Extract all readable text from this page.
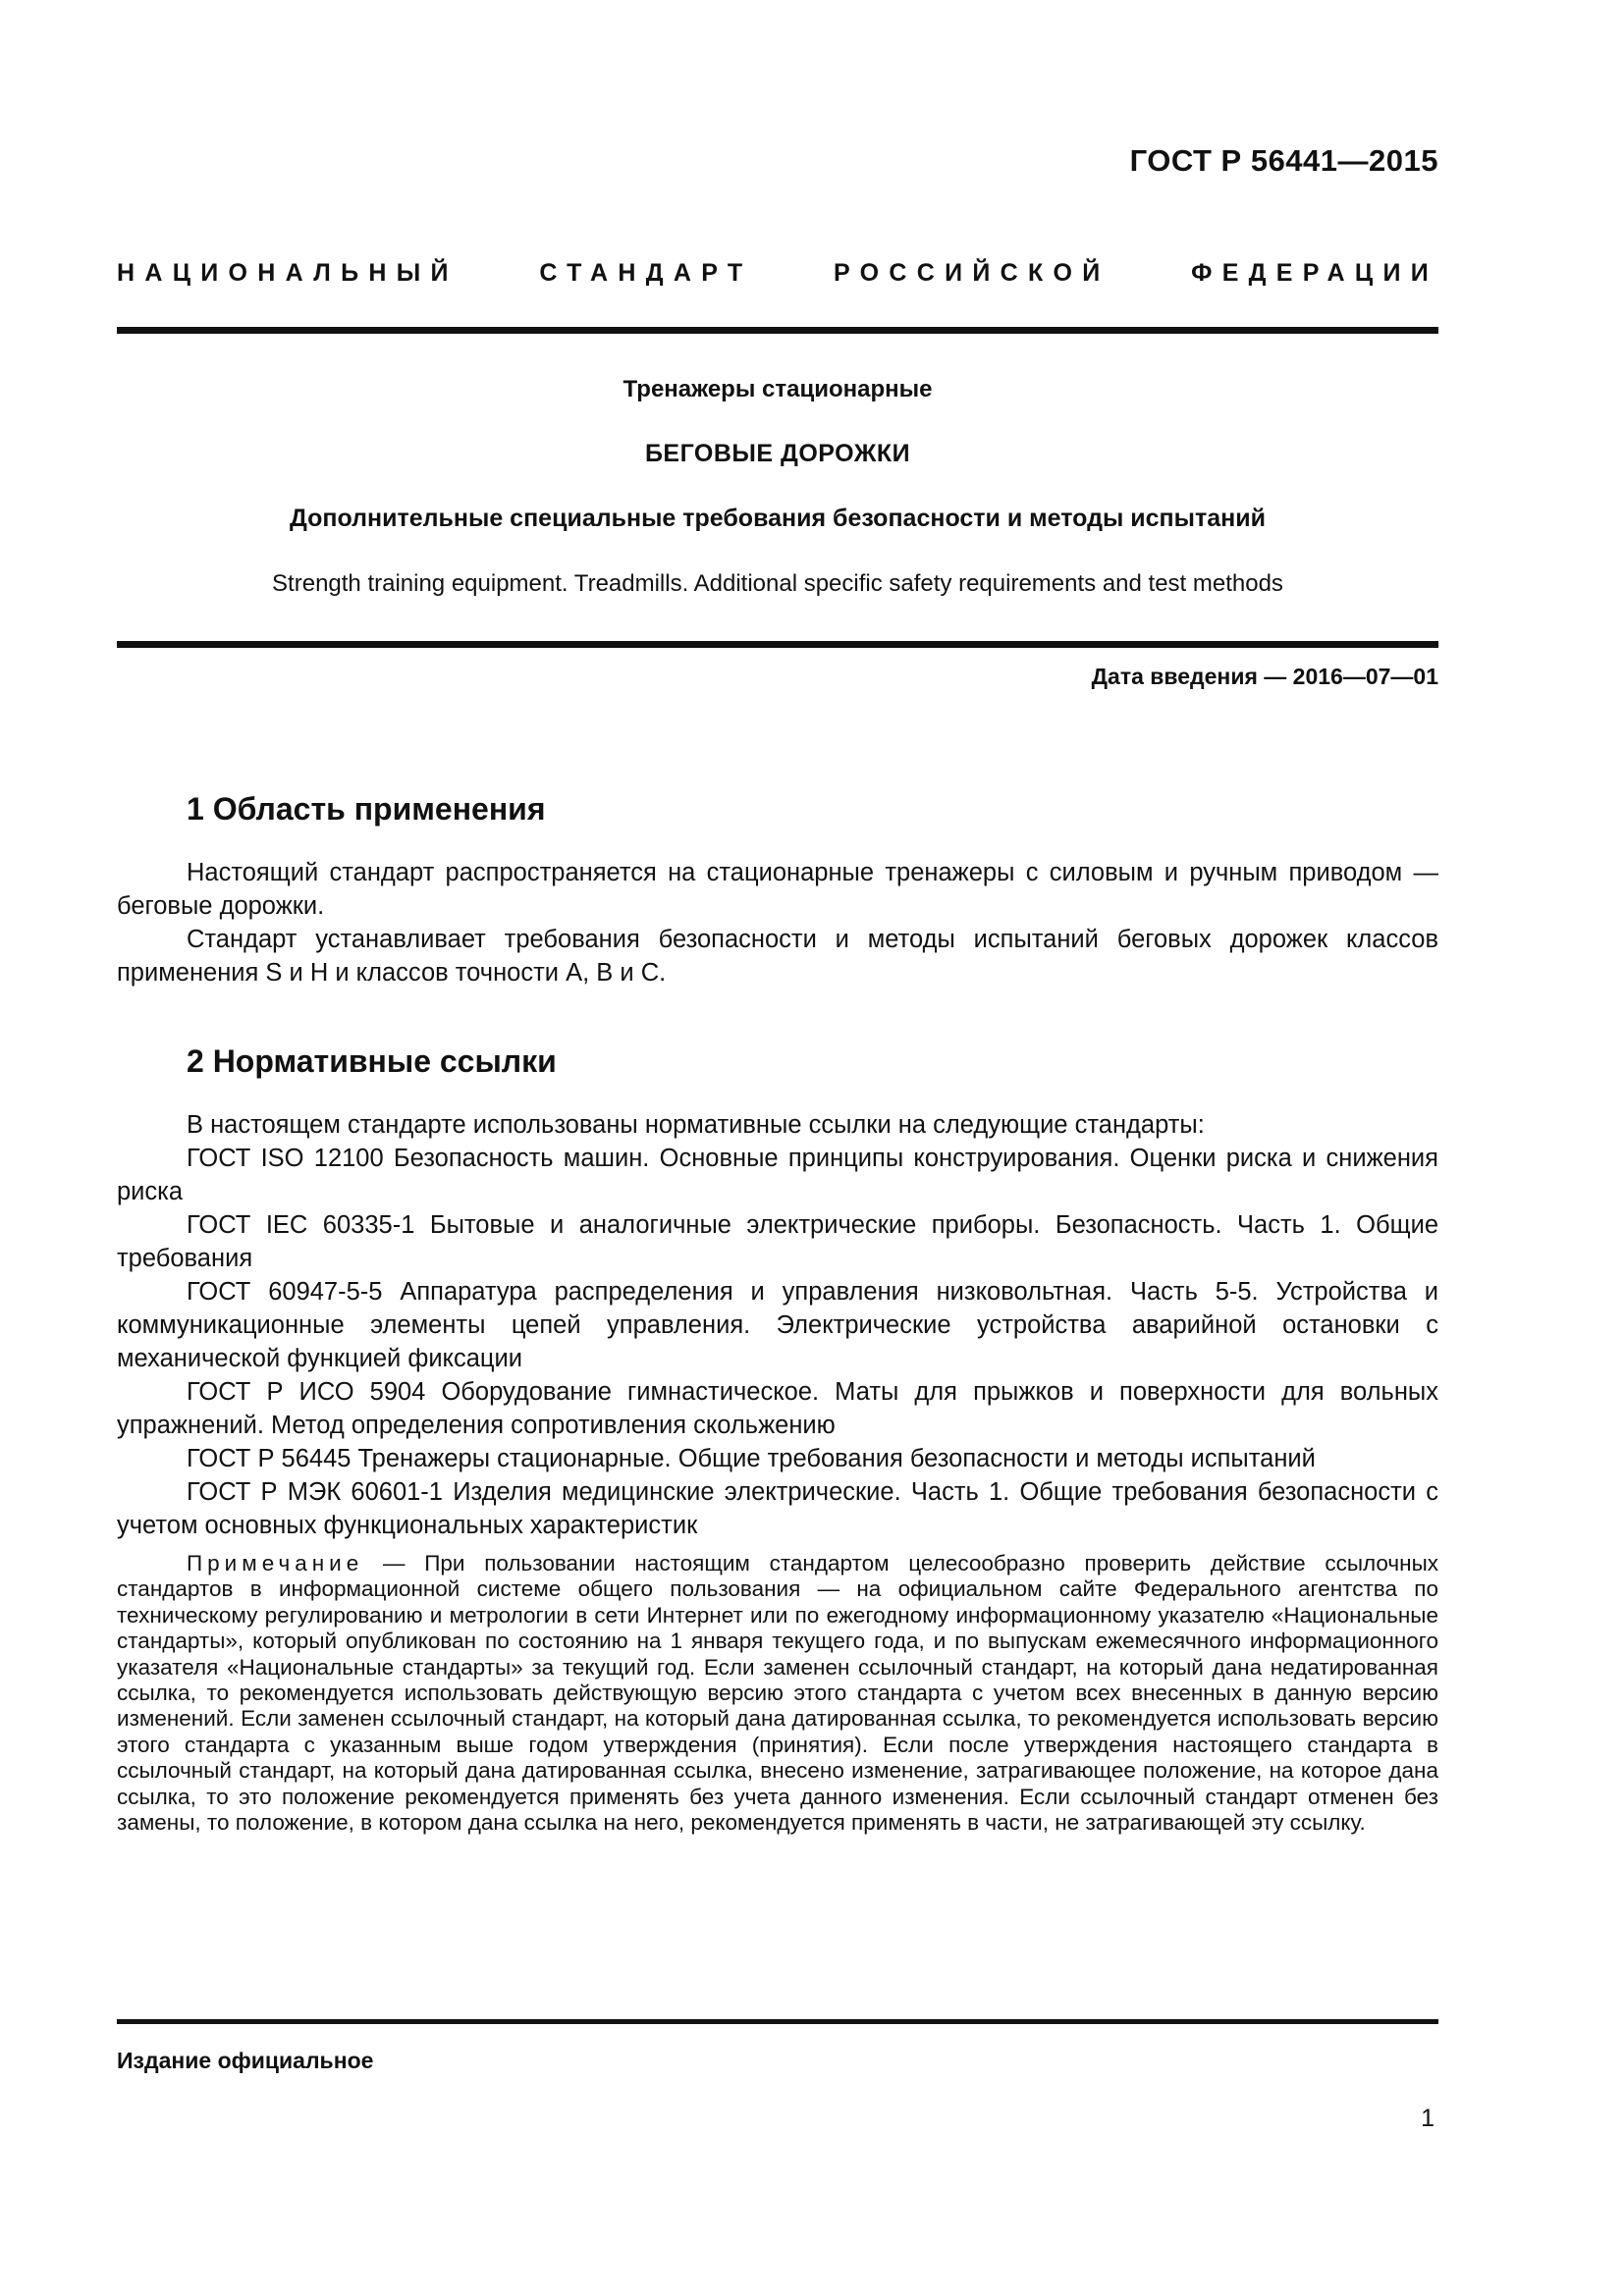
ГОСТ Р 56441—2015
НАЦИОНАЛЬНЫЙ СТАНДАРТ РОССИЙСКОЙ ФЕДЕРАЦИИ
Тренажеры стационарные
БЕГОВЫЕ ДОРОЖКИ
Дополнительные специальные требования безопасности и методы испытаний
Strength training equipment. Treadmills. Additional specific safety requirements and test methods
Дата введения — 2016—07—01
1 Область применения

Настоящий стандарт распространяется на стационарные тренажеры с силовым и ручным приводом — беговые дорожки.

Стандарт устанавливает требования безопасности и методы испытаний беговых дорожек классов применения S и H и классов точности A, B и C.

2 Нормативные ссылки

В настоящем стандарте использованы нормативные ссылки на следующие стандарты:

ГОСТ ISO 12100 Безопасность машин. Основные принципы конструирования. Оценки риска и снижения риска

ГОСТ IEC 60335-1 Бытовые и аналогичные электрические приборы. Безопасность. Часть 1. Общие требования

ГОСТ 60947-5-5 Аппаратура распределения и управления низковольтная. Часть 5-5. Устройства и коммуникационные элементы цепей управления. Электрические устройства аварийной остановки с механической функцией фиксации

ГОСТ Р ИСО 5904 Оборудование гимнастическое. Маты для прыжков и поверхности для вольных упражнений. Метод определения сопротивления скольжению

ГОСТ Р 56445 Тренажеры стационарные. Общие требования безопасности и методы испытаний

ГОСТ Р МЭК 60601-1 Изделия медицинские электрические. Часть 1. Общие требования безопасности с учетом основных функциональных характеристик

Примечание — При пользовании настоящим стандартом целесообразно проверить действие ссылочных стандартов в информационной системе общего пользования — на официальном сайте Федерального агентства по техническому регулированию и метрологии в сети Интернет или по ежегодному информационному указателю «Национальные стандарты», который опубликован по состоянию на 1 января текущего года, и по выпускам ежемесячного информационного указателя «Национальные стандарты» за текущий год. Если заменен ссылочный стандарт, на который дана недатированная ссылка, то рекомендуется использовать действующую версию этого стандарта с учетом всех внесенных в данную версию изменений. Если заменен ссылочный стандарт, на который дана датированная ссылка, то рекомендуется использовать версию этого стандарта с указанным выше годом утверждения (принятия). Если после утверждения настоящего стандарта в ссылочный стандарт, на который дана датированная ссылка, внесено изменение, затрагивающее положение, на которое дана ссылка, то это положение рекомендуется применять без учета данного изменения. Если ссылочный стандарт отменен без замены, то положение, в котором дана ссылка на него, рекомендуется применять в части, не затрагивающей эту ссылку.
Издание официальное
1
